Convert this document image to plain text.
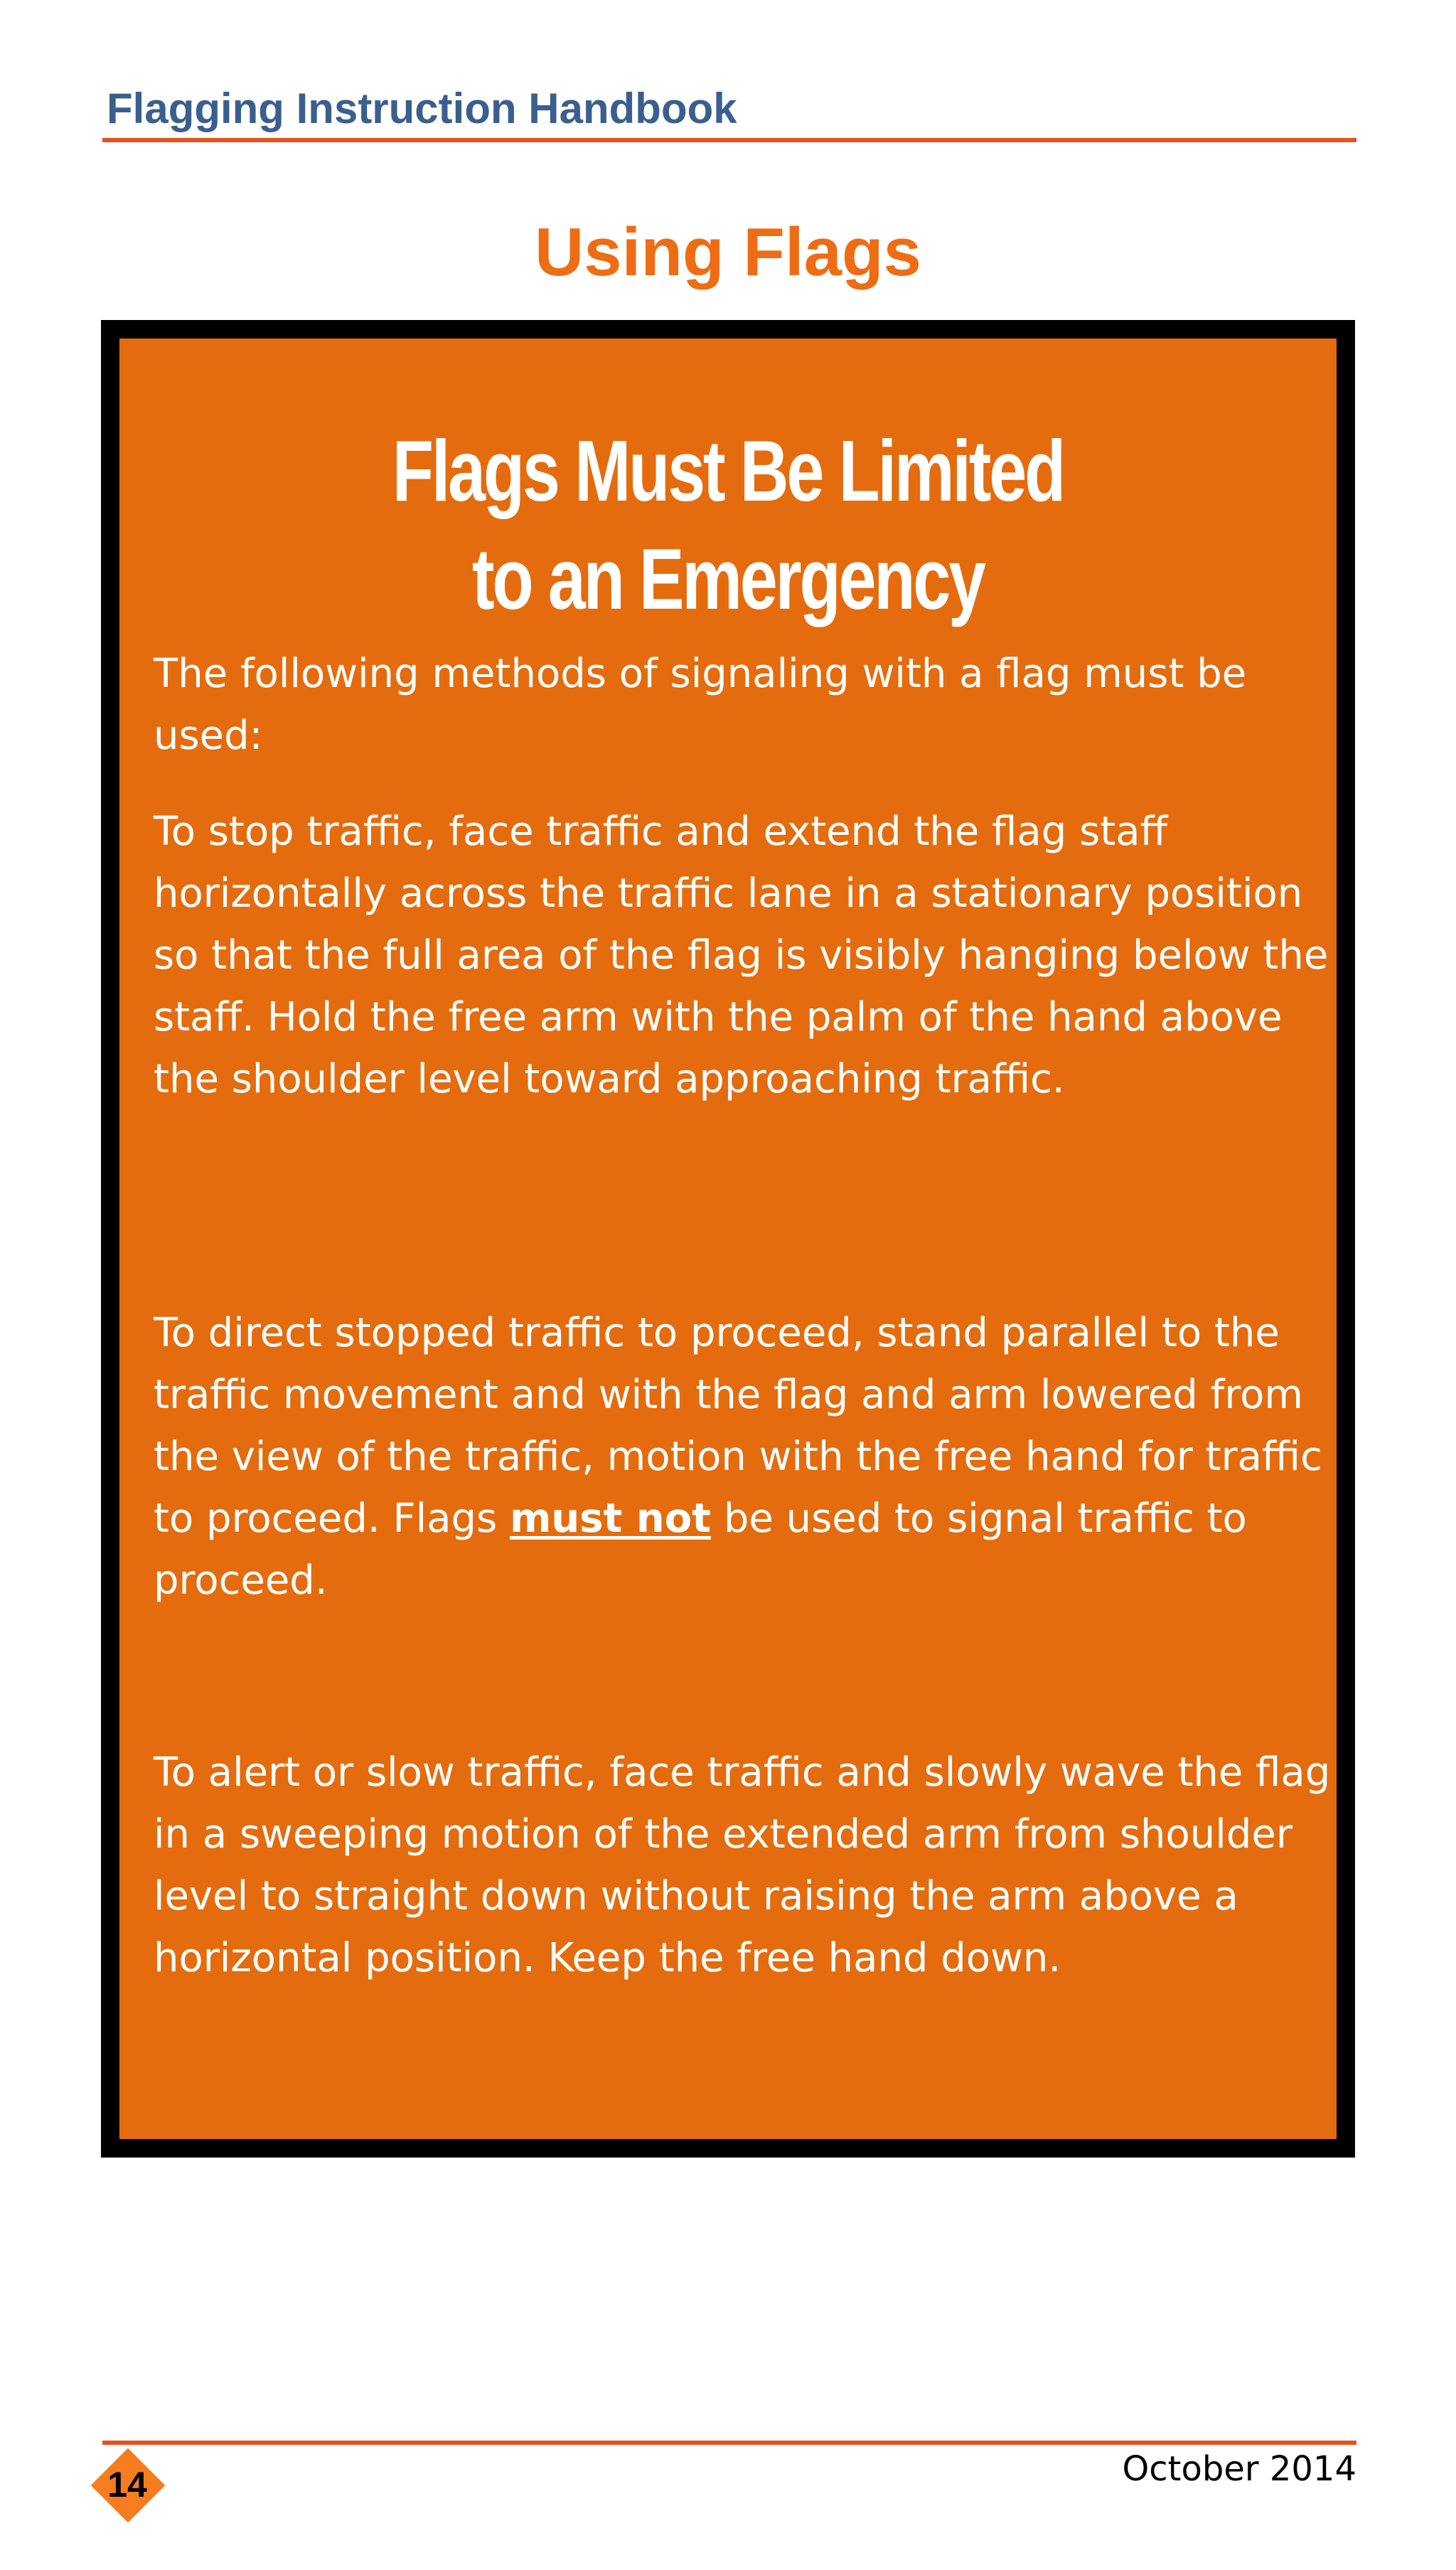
Flagging Instruction Handbook
Using Flags
Flags Must Be Limited
to an Emergency

The following methods of signaling with a flag must be used:

To stop traffic, face traffic and extend the flag staff horizontally across the traffic lane in a stationary position so that the full area of the flag is visibly hanging below the staff. Hold the free arm with the palm of the hand above the shoulder level toward approaching traffic.

To direct stopped traffic to proceed, stand parallel to the traffic movement and with the flag and arm lowered from the view of the traffic, motion with the free hand for traffic to proceed. Flags must not be used to signal traffic to proceed.

To alert or slow traffic, face traffic and slowly wave the flag in a sweeping motion of the extended arm from shoulder level to straight down without raising the arm above a horizontal position. Keep the free hand down.

14	October 2014
